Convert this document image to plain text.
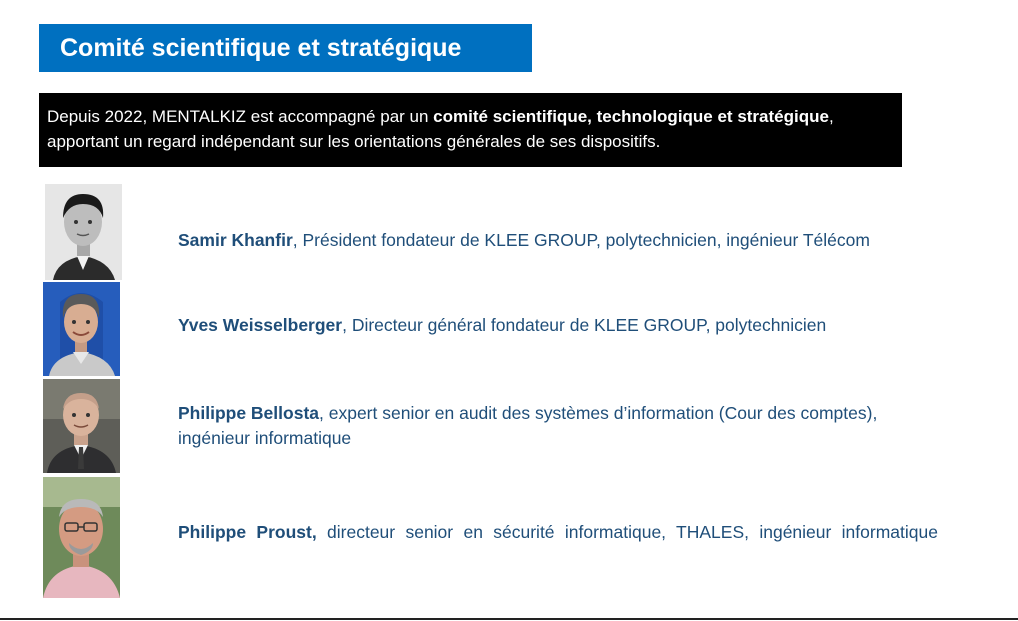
Comité scientifique et stratégique
Depuis 2022, MENTALKIZ est accompagné par un comité scientifique, technologique et stratégique, apportant un regard indépendant sur les orientations générales de ses dispositifs.
Samir Khanfir, Président fondateur de KLEE GROUP, polytechnicien, ingénieur Télécom
Yves Weisselberger, Directeur général fondateur de KLEE GROUP, polytechnicien
Philippe Bellosta, expert senior en audit des systèmes d’information (Cour des comptes), ingénieur informatique
Philippe Proust, directeur senior en sécurité informatique, THALES, ingénieur informatique
